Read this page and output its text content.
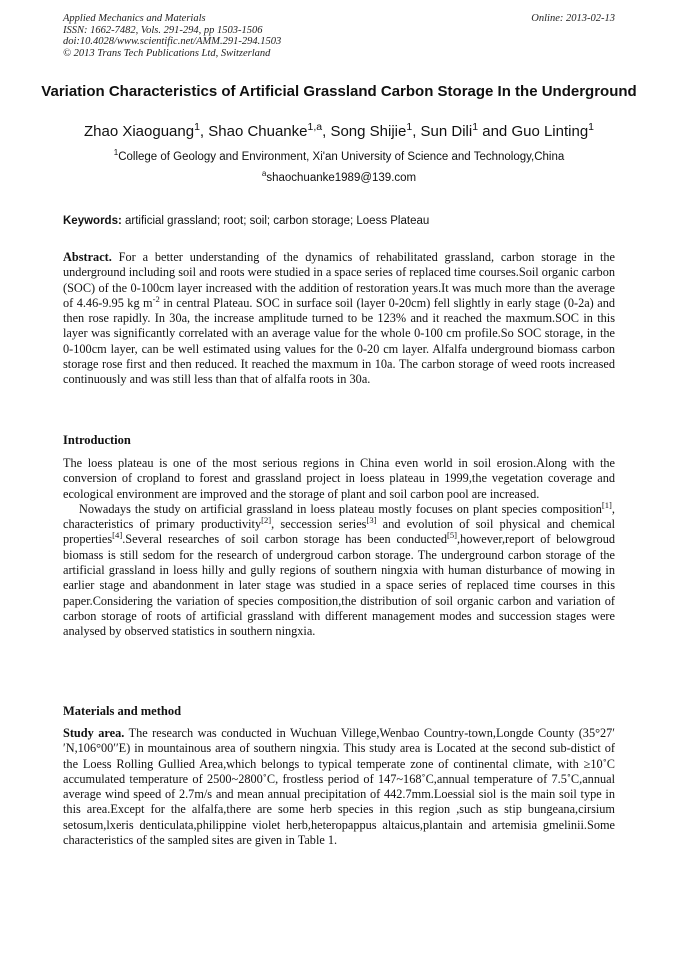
Applied Mechanics and Materials	Online: 2013-02-13
ISSN: 1662-7482, Vols. 291-294, pp 1503-1506
doi:10.4028/www.scientific.net/AMM.291-294.1503
© 2013 Trans Tech Publications Ltd, Switzerland
Variation Characteristics of Artificial Grassland Carbon Storage In the Underground
Zhao Xiaoguang$^1$, Shao Chuanke$^{1,a}$, Song Shijie$^1$, Sun Dili$^1$ and Guo Linting$^1$
$^1$College of Geology and Environment, Xi'an University of Science and Technology,China
$^a$shaochuanke1989@139.com
Keywords: artificial grassland; root; soil; carbon storage; Loess Plateau

Abstract. For a better understanding of the dynamics of rehabilitated grassland, carbon storage in the underground including soil and roots were studied in a space series of replaced time courses.Soil organic carbon (SOC) of the 0-100cm layer increased with the addition of restoration years.It was much more than the average of 4.46-9.95 kg $m^{-2}$ in central Plateau. SOC in surface soil (layer 0-20cm) fell slightly in early stage (0-2a) and then rose rapidly. In 30a, the increase amplitude turned to be 123% and it reached the maxmum.SOC in this layer was significantly correlated with an average value for the whole 0-100 cm profile.So SOC storage, in the 0-100cm layer, can be well estimated using values for the 0-20 cm layer. Alfalfa underground biomass carbon storage rose first and then reduced. It reached the maxmum in 10a. The carbon storage of weed roots increased continuously and was still less than that of alfalfa roots in 30a.

Introduction

The loess plateau is one of the most serious regions in China even world in soil erosion.Along with the conversion of cropland to forest and grassland project in loess plateau in 1999,the vegetation coverage and ecological environment are improved and the storage of plant and soil carbon pool are increased.

Nowadays the study on artificial grassland in loess plateau mostly focuses on plant species composition[1], characteristics of primary productivity[2], seccession series[3] and evolution of soil physical and chemical properties[4].Several researches of soil carbon storage has been conducted[5],however,report of belowgroud biomass is still sedom for the research of undergroud carbon storage. The underground carbon storage of the artificial grassland in loess hilly and gully regions of southern ningxia with human disturbance of mowing in earlier stage and abandonment in later stage was studied in a space series of replaced time courses in this paper.Considering the variation of species composition,the distribution of soil organic carbon and variation of carbon storage of roots of artificial grassland with different management modes and succession stages were analysed by observed statistics in southern ningxia.

Materials and method

Study area. The research was conducted in Wuchuan Villege,Wenbao Country-town,Longde County (35°27′′N,106°00′′E) in mountainous area of southern ningxia. This study area is Located at the second sub-distict of the Loess Rolling Gullied Area,which belongs to typical temperate zone of continental climate, with ≥10˚C accumulated temperature of 2500~2800˚C, frostless period of 147~168˚C,annual temperature of 7.5˚C,annual average wind speed of 2.7m/s and mean annual precipitation of 442.7mm.Loessial siol is the main soil type in this area.Except for the alfalfa,there are some herb species in this region ,such as stip bungeana,cirsium setosum,lxeris denticulata,philippine violet herb,heteropappus altaicus,plantain and artemisia gmelinii.Some characteristics of the sampled sites are given in Table 1.
